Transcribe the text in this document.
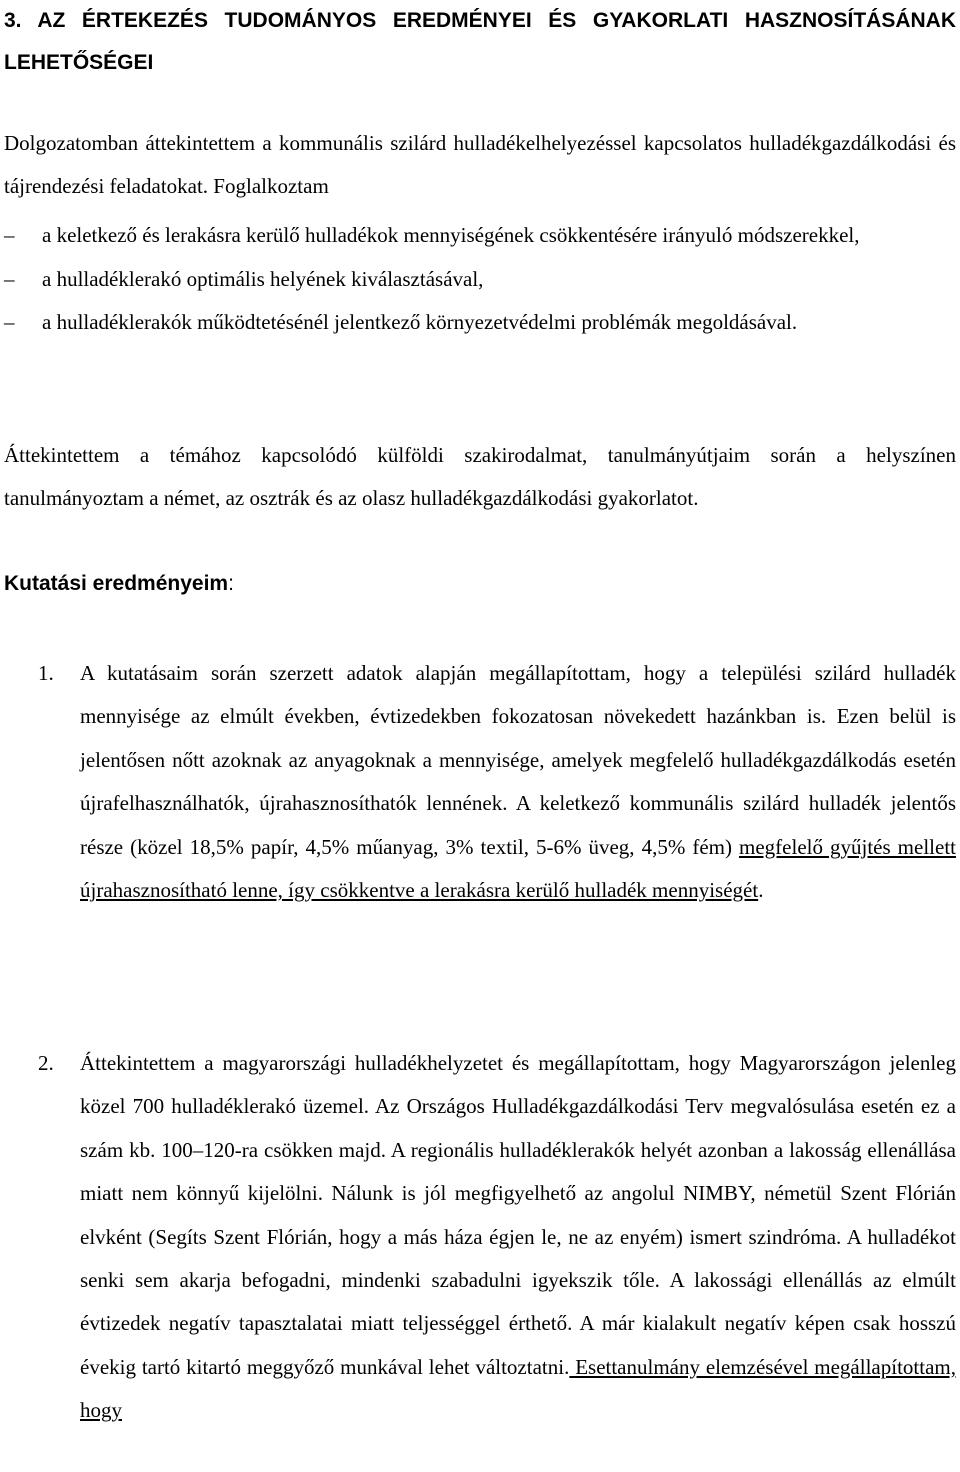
3. AZ ÉRTEKEZÉS TUDOMÁNYOS EREDMÉNYEI ÉS GYAKORLATI HASZNOSÍTÁSÁNAK LEHETŐSÉGEI

Dolgozatomban áttekintettem a kommunális szilárd hulladékelhelyezéssel kapcsolatos hulladékgazdálkodási és tájrendezési feladatokat. Foglalkoztam

– a keletkező és lerakásra kerülő hulladékok mennyiségének csökkentésére irányuló módszerekkel,
– a hulladéklerakó optimális helyének kiválasztásával,
– a hulladéklerakók működtetésénél jelentkező környezetvédelmi problémák megoldásával.

Áttekintettem a témához kapcsolódó külföldi szakirodalmat, tanulmányútjaim során a helyszínen tanulmányoztam a német, az osztrák és az olasz hulladékgazdálkodási gyakorlatot.

Kutatási eredményeim:
1. A kutatásaim során szerzett adatok alapján megállapítottam, hogy a települési szilárd hulladék mennyisége az elmúlt években, évtizedekben fokozatosan növekedett hazánkban is. Ezen belül is jelentősen nőtt azoknak az anyagoknak a mennyisége, amelyek megfelelő hulladékgazdálkodás esetén újrafelhasználhatók, újrahasznosíthatók lennének. A keletkező kommunális szilárd hulladék jelentős része (közel 18,5% papír, 4,5% műanyag, 3% textil, 5-6% üveg, 4,5% fém) megfelelő gyűjtés mellett újrahasznosítható lenne, így csökkentve a lerakásra kerülő hulladék mennyiségét.
2. Áttekintettem a magyarországi hulladékhelyzetet és megállapítottam, hogy Magyarországon jelenleg közel 700 hulladéklerakó üzemel. Az Országos Hulladékgazdálkodási Terv megvalósulása esetén ez a szám kb. 100–120-ra csökken majd. A regionális hulladéklerakók helyét azonban a lakosság ellenállása miatt nem könnyű kijelölni. Nálunk is jól megfigyelhető az angolul NIMBY, németül Szent Flórián elvként (Segíts Szent Flórián, hogy a más háza égjen le, ne az enyém) ismert szindróma. A hulladékot senki sem akarja befogadni, mindenki szabadulni igyekszik tőle. A lakossági ellenállás az elmúlt évtizedek negatív tapasztalatai miatt teljességgel érthető. A már kialakult negatív képen csak hosszú évekig tartó kitartó meggyőző munkával lehet változtatni. Esettanulmány elemzésével megállapítottam, hogy
